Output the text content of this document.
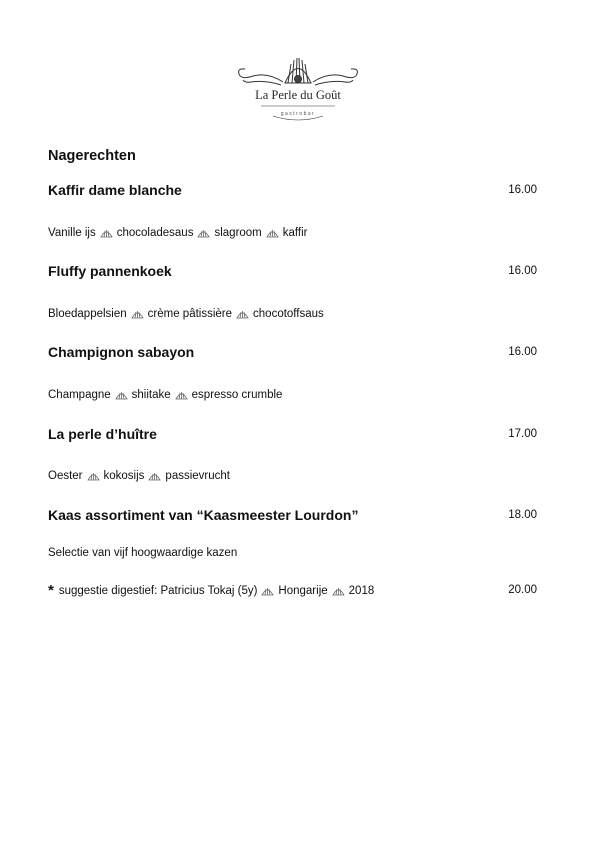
La Perle du Goût
gastrobar
Nagerechten
Kaffir dame blanche	16.00
Vanille ijs chocoladesaus slagroom kaffir
Fluffy pannenkoek	16.00
Bloedappelsien crème pâtissière chocotoffsaus
Champignon sabayon	16.00
Champagne shiitake espresso crumble
La perle d’huître	17.00
Oester kokosijs passievrucht
Kaas assortiment van “Kaasmeester Lourdon”	18.00
Selectie van vijf hoogwaardige kazen
* suggestie digestief: Patricius Tokaj (5y) Hongarije 2018	20.00
